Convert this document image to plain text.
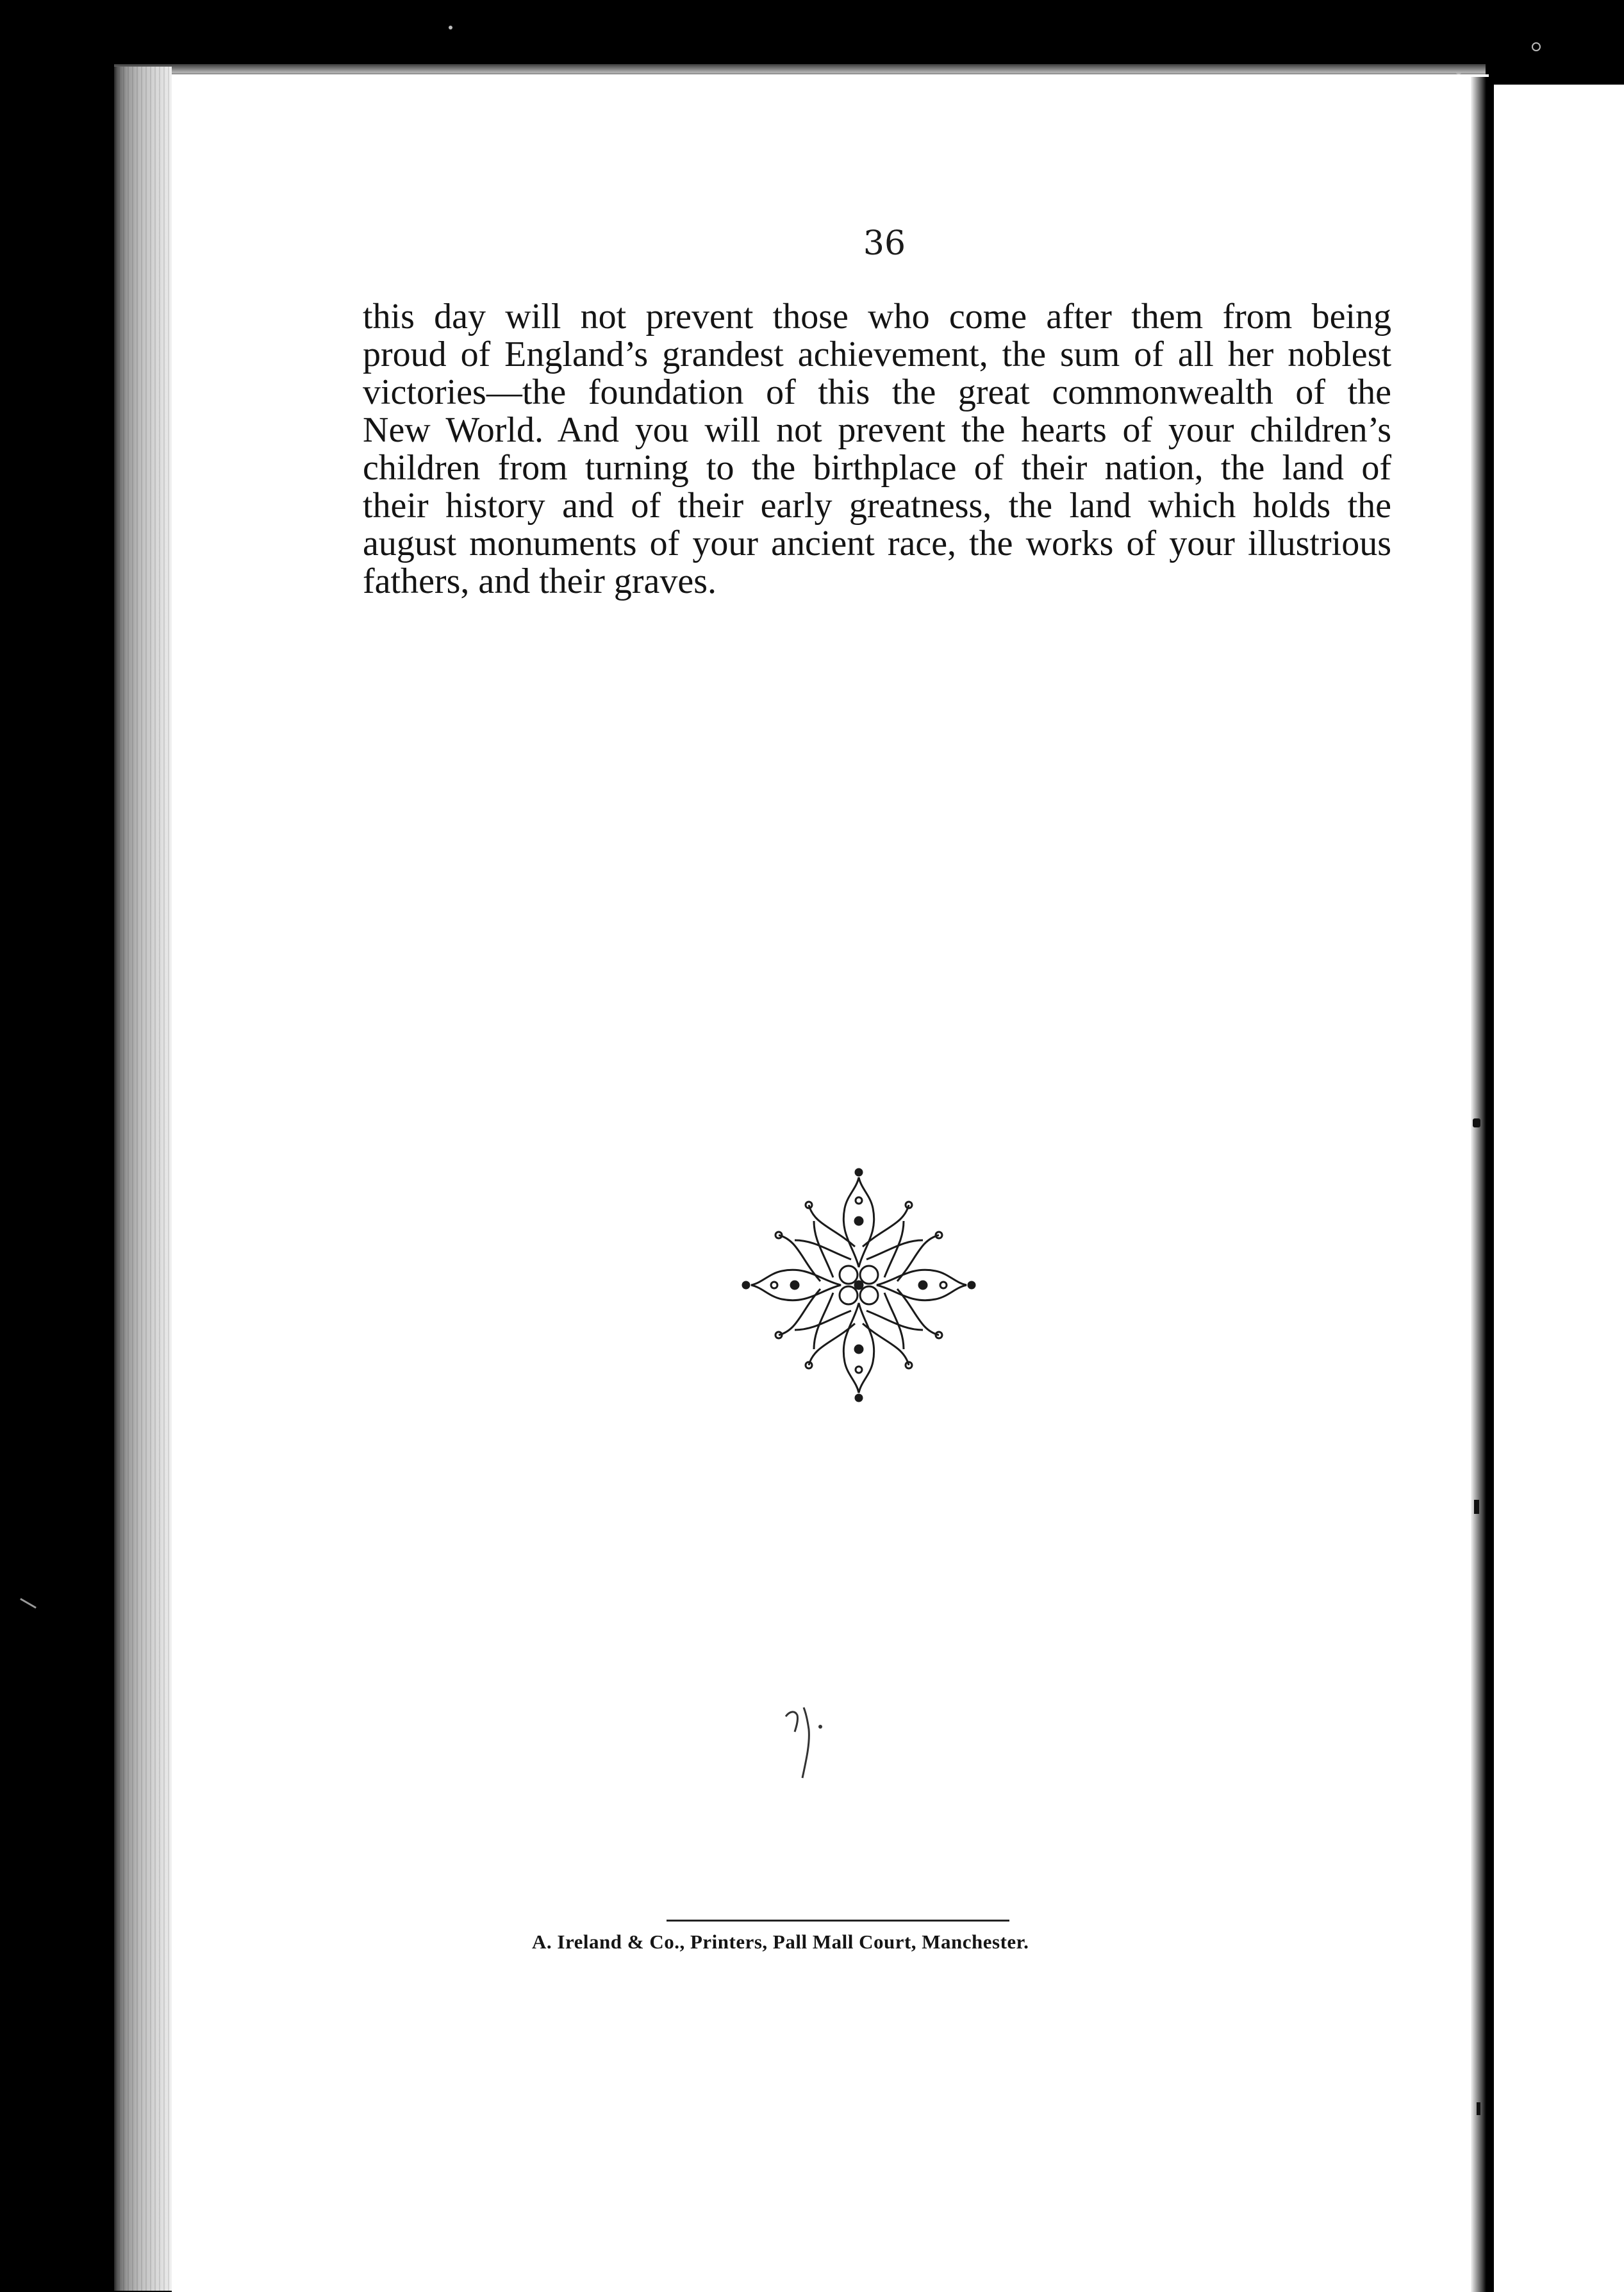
36
this day will not prevent those who come after them from being
proud of England’s grandest achievement, the sum of all her noblest
victories—the foundation of this the great commonwealth of the
New World. And you will not prevent the hearts of your children’s
children from turning to the birthplace of their nation, the land of
their history and of their early greatness, the land which holds the
august monuments of your ancient race, the works of your illustrious
fathers, and their graves.
A. Ireland & Co., Printers, Pall Mall Court, Manchester.
